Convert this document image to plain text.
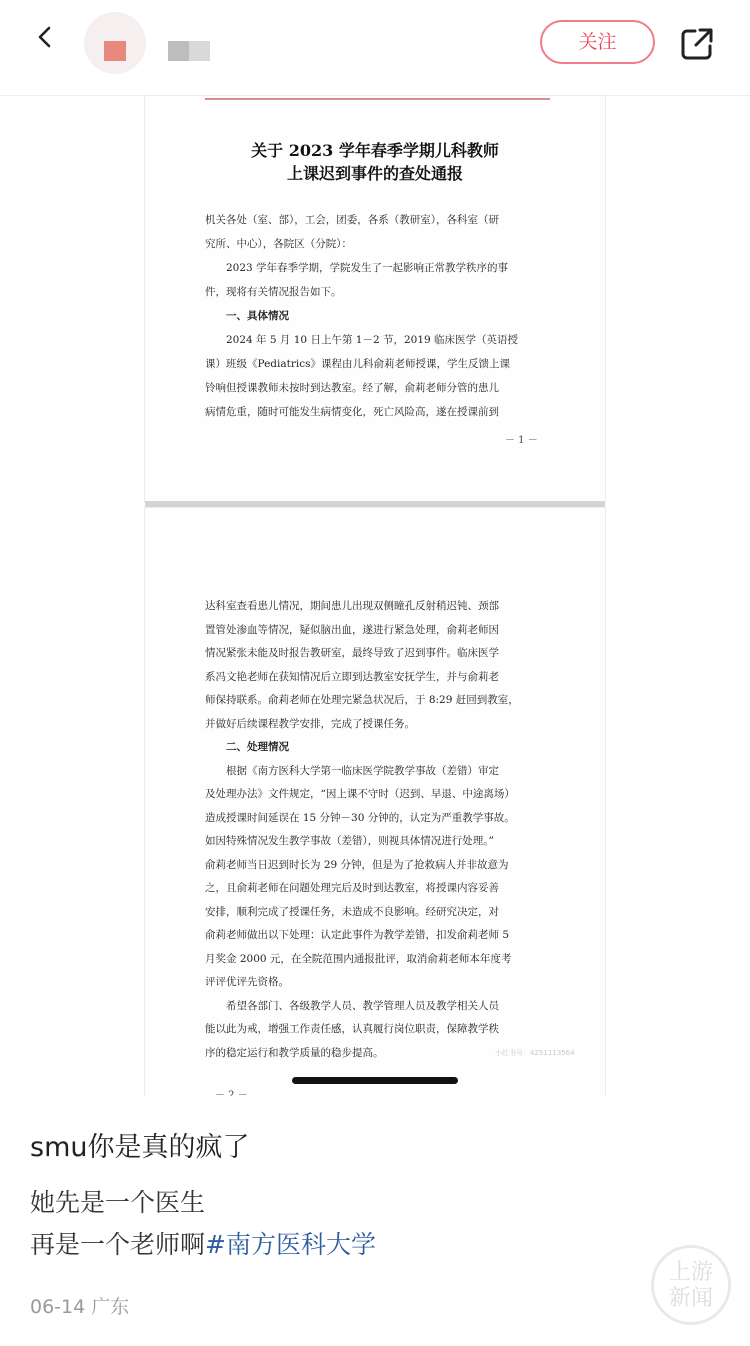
关注
关于 2023 学年春季学期儿科教师
上课迟到事件的查处通报
机关各处（室、部），工会，团委，各系（教研室），各科室（研
究所、中心），各院区（分院）：
　　2023 学年春季学期，学院发生了一起影响正常教学秩序的事
件，现将有关情况报告如下。
　　一、具体情况
　　2024 年 5 月 10 日上午第 1－2 节，2019 临床医学（英语授
课）班级《Pediatrics》课程由儿科俞莉老师授课，学生反馈上课
铃响但授课教师未按时到达教室。经了解，俞莉老师分管的患儿
病情危重，随时可能发生病情变化，死亡风险高，遂在授课前到
－ 1 －
达科室查看患儿情况，期间患儿出现双侧瞳孔反射稍迟钝、颈部
置管处渗血等情况，疑似脑出血，遂进行紧急处理，俞莉老师因
情况紧张未能及时报告教研室，最终导致了迟到事件。临床医学
系冯文艳老师在获知情况后立即到达教室安抚学生，并与俞莉老
师保持联系。俞莉老师在处理完紧急状况后，于 8:29 赶回到教室，
并做好后续课程教学安排，完成了授课任务。
　　二、处理情况
　　根据《南方医科大学第一临床医学院教学事故（差错）审定
及处理办法》文件规定，“因上课不守时（迟到、早退、中途离场）
造成授课时间延误在 15 分钟－30 分钟的，认定为严重教学事故。
如因特殊情况发生教学事故（差错），则视具体情况进行处理。”
俞莉老师当日迟到时长为 29 分钟，但是为了抢救病人并非故意为
之，且俞莉老师在问题处理完后及时到达教室，将授课内容妥善
安排，顺利完成了授课任务，未造成不良影响。经研究决定，对
俞莉老师做出以下处理：认定此事件为教学差错，扣发俞莉老师 5
月奖金 2000 元，在全院范围内通报批评，取消俞莉老师本年度考
评评优评先资格。
　　希望各部门、各级教学人员、教学管理人员及教学相关人员
能以此为戒，增强工作责任感，认真履行岗位职责，保障教学秩
序的稳定运行和教学质量的稳步提高。	小红书号：4251113564
smu你是真的疯了
她先是一个医生
再是一个老师啊#南方医科大学
06-14 广东
上游
新闻
